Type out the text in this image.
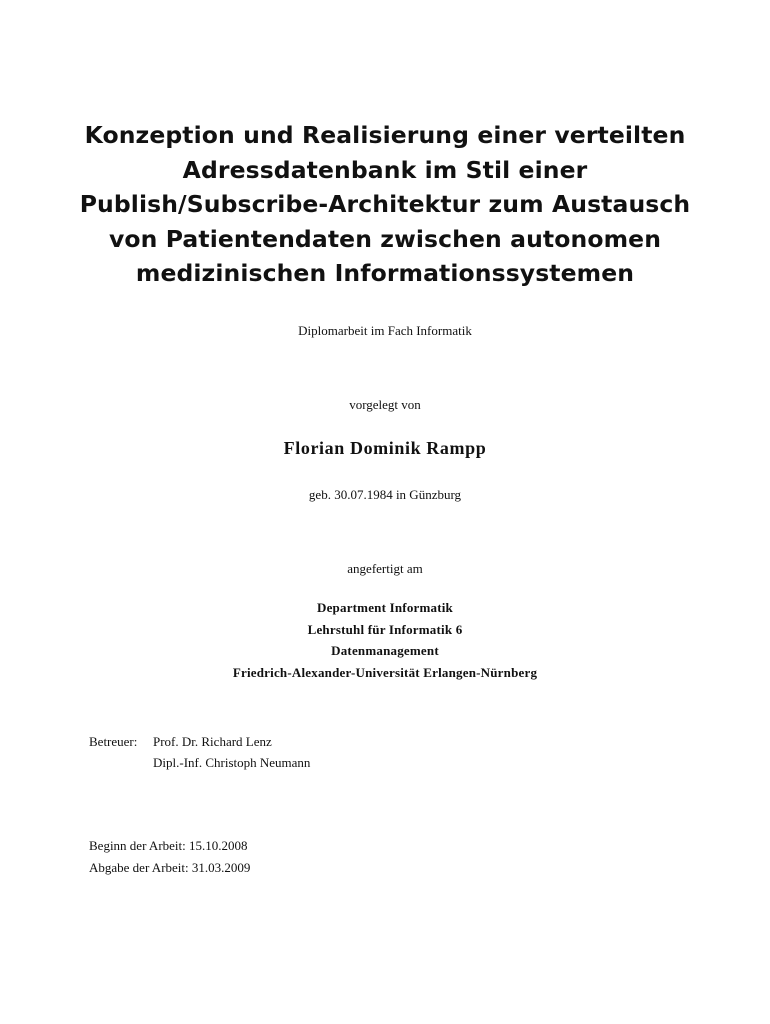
Konzeption und Realisierung einer verteilten
Adressdatenbank im Stil einer
Publish/Subscribe-Architektur zum Austausch
von Patientendaten zwischen autonomen
medizinischen Informationssystemen
Diplomarbeit im Fach Informatik
vorgelegt von
Florian Dominik Rampp
geb. 30.07.1984 in Günzburg
angefertigt am
Department Informatik
Lehrstuhl für Informatik 6
Datenmanagement
Friedrich-Alexander-Universität Erlangen-Nürnberg
Betreuer: Prof. Dr. Richard Lenz
Dipl.-Inf. Christoph Neumann
Beginn der Arbeit: 15.10.2008
Abgabe der Arbeit: 31.03.2009
